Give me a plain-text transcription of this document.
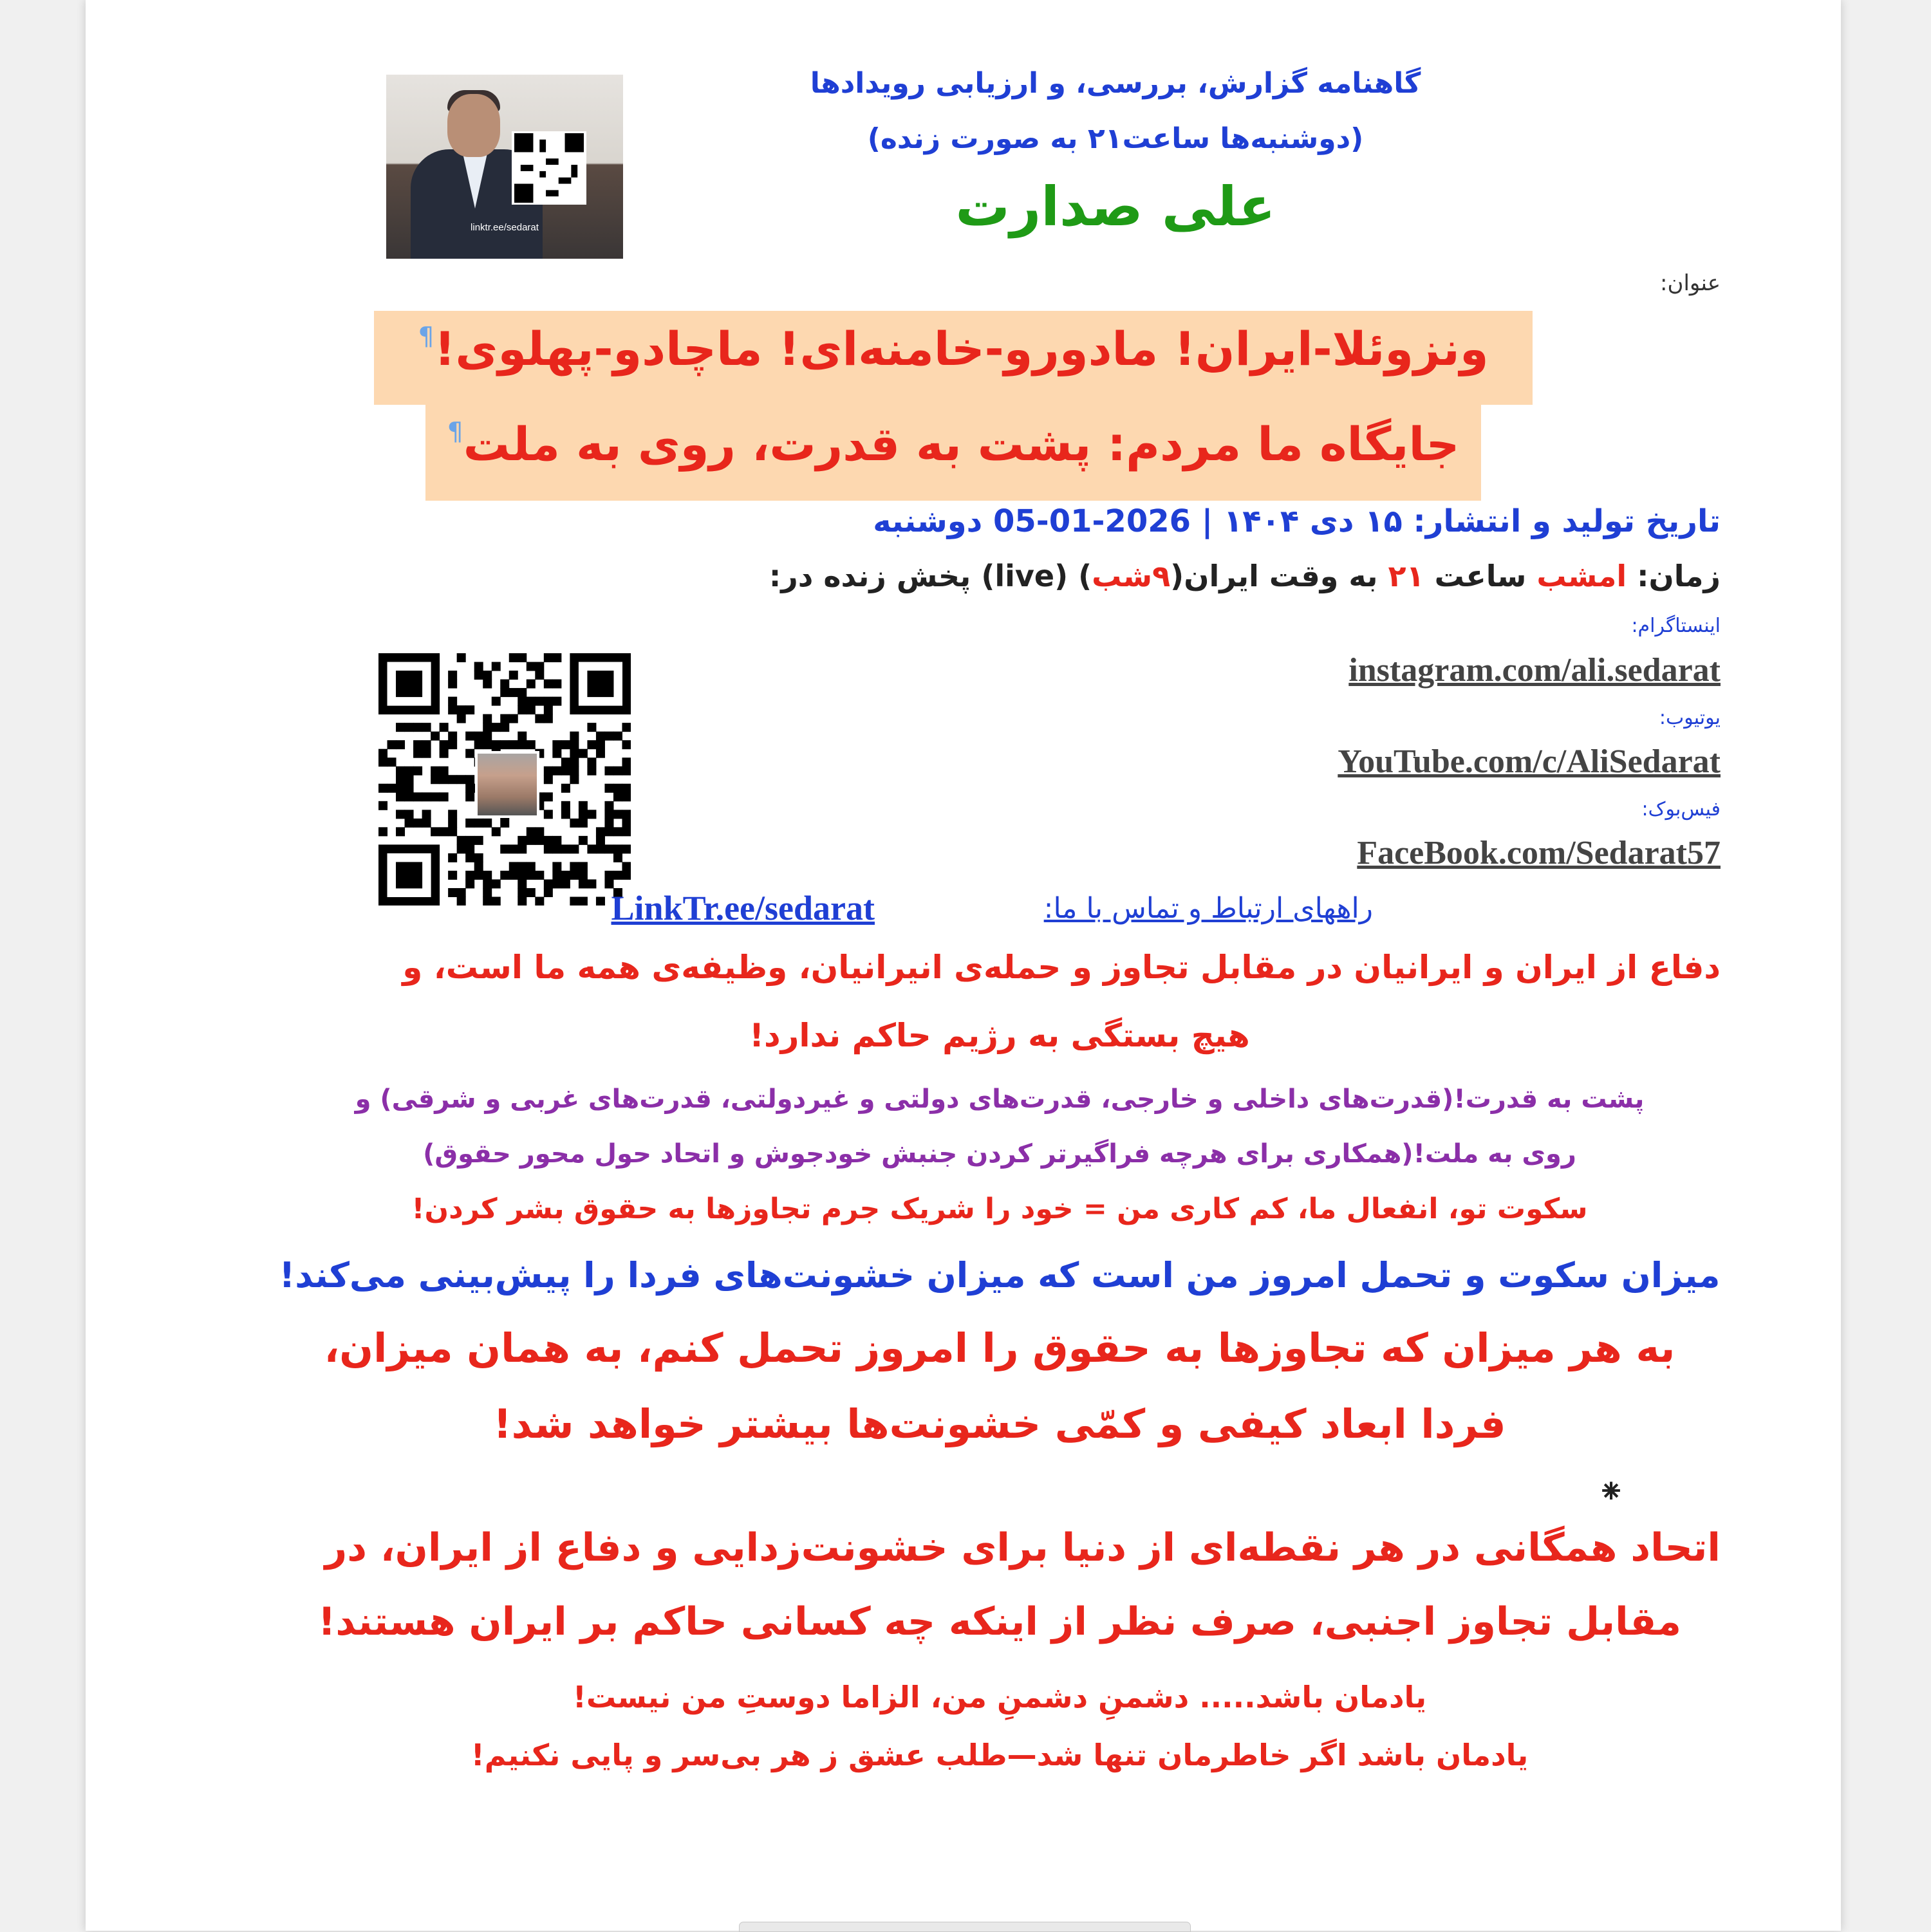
linktr.ee/sedarat
گاهنامه گزارش، بررسی، و ارزیابی رویدادها
(دوشنبه‌ها ساعت۲۱ به صورت زنده)
علی صدارت
عنوان:
ونزوئلا-ایران! مادورو-خامنه‌ای! ماچادو-پهلوی!¶
جایگاه ما مردم: پشت به قدرت، روی به ملت¶
تاریخ تولید و انتشار: ۱۵ دی ۱۴۰۴ | 2026-01-05 دوشنبه
زمان: امشب ساعت ۲۱ به وقت ایران(۹شب) (live) پخش زنده در:
اینستاگرام:
instagram.com/ali.sedarat
یوتیوب:
YouTube.com/c/AliSedarat
فیس‌بوک:
FaceBook.com/Sedarat57
LinkTr.ee/sedarat	راههای ارتباط و تماس با ما:
دفاع از ایران و ایرانیان در مقابل تجاوز و حمله‌ی انیرانیان، وظیفه‌ی همه ما است، و
هیچ بستگی به رژیم حاکم ندارد!
پشت به قدرت!(قدرت‌های داخلی و خارجی، قدرت‌های دولتی و غیردولتی، قدرت‌های غربی و شرقی) و
روی به ملت!(همکاری برای هرچه فراگیرتر کردن جنبش خودجوش و اتحاد حول محور حقوق)
سکوت تو، انفعال ما، کم کاری من = خود را شریک جرم تجاوزها به حقوق بشر کردن!
میزان سکوت و تحمل امروز من است که میزان خشونت‌های فردا را پیش‌بینی می‌کند!
به هر میزان که تجاوزها به حقوق را امروز تحمل کنم، به همان میزان،
فردا ابعاد کیفی و کمّی خشونت‌ها بیشتر خواهد شد!
⁕
اتحاد همگانی در هر نقطه‌ای از دنیا برای خشونت‌زدایی و دفاع از ایران، در
مقابل تجاوز اجنبی، صرف نظر از اینکه چه کسانی حاکم بر ایران هستند!
یادمان باشد..... دشمنِ دشمنِ من، الزاما دوستِ من نیست!
یادمان باشد اگر خاطرمان تنها شد—طلب عشق ز هر بی‌سر و پایی نکنیم!
